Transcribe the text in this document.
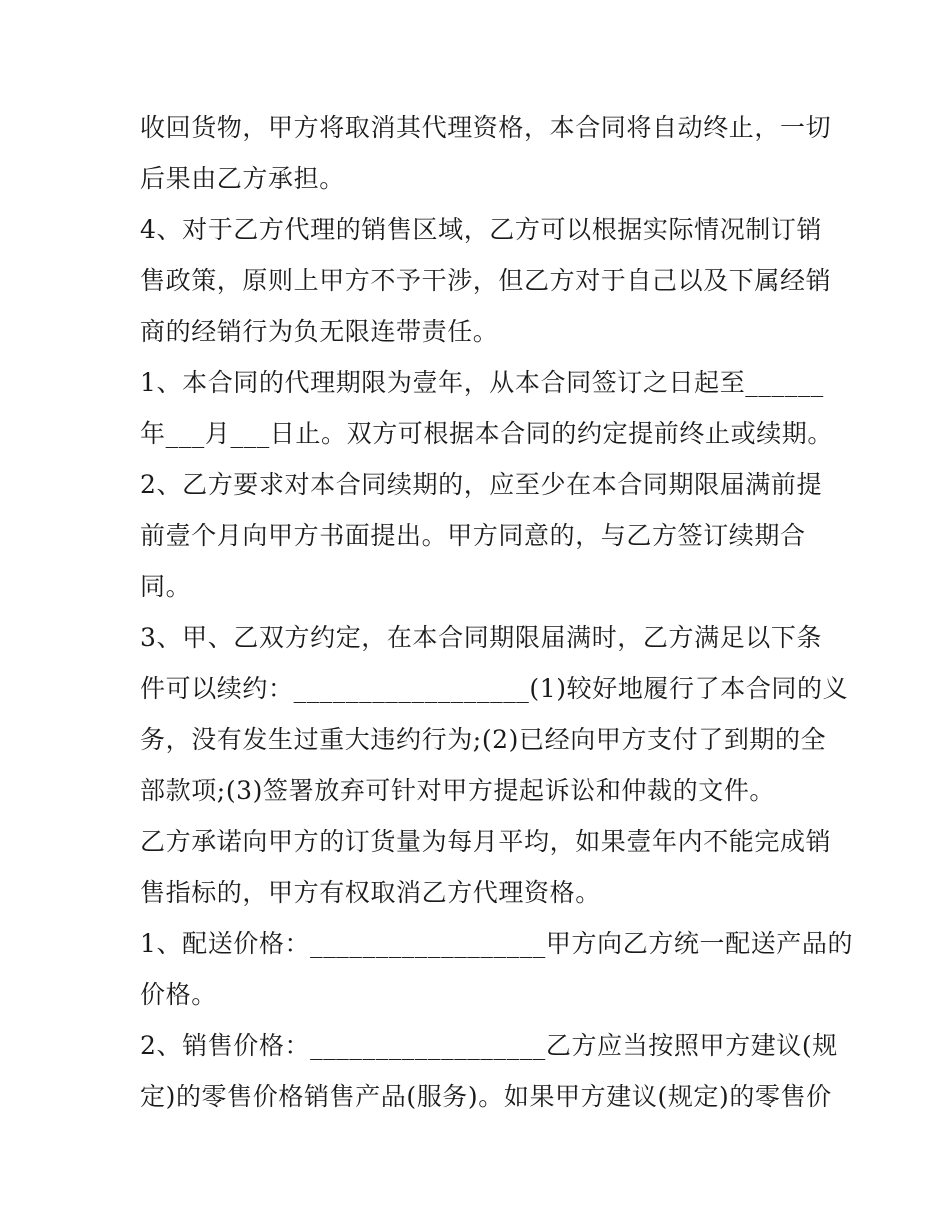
收回货物，甲方将取消其代理资格，本合同将自动终止，一切
后果由乙方承担。
4、对于乙方代理的销售区域，乙方可以根据实际情况制订销
售政策，原则上甲方不予干涉，但乙方对于自己以及下属经销
商的经销行为负无限连带责任。
1、本合同的代理期限为壹年，从本合同签订之日起至______
年___月___日止。双方可根据本合同的约定提前终止或续期。
2、乙方要求对本合同续期的，应至少在本合同期限届满前提
前壹个月向甲方书面提出。甲方同意的，与乙方签订续期合
同。
3、甲、乙双方约定，在本合同期限届满时，乙方满足以下条
件可以续约：__________________(1)较好地履行了本合同的义
务，没有发生过重大违约行为;(2)已经向甲方支付了到期的全
部款项;(3)签署放弃可针对甲方提起诉讼和仲裁的文件。
乙方承诺向甲方的订货量为每月平均，如果壹年内不能完成销
售指标的，甲方有权取消乙方代理资格。
1、配送价格：__________________甲方向乙方统一配送产品的
价格。
2、销售价格：__________________乙方应当按照甲方建议(规
定)的零售价格销售产品(服务)。如果甲方建议(规定)的零售价
